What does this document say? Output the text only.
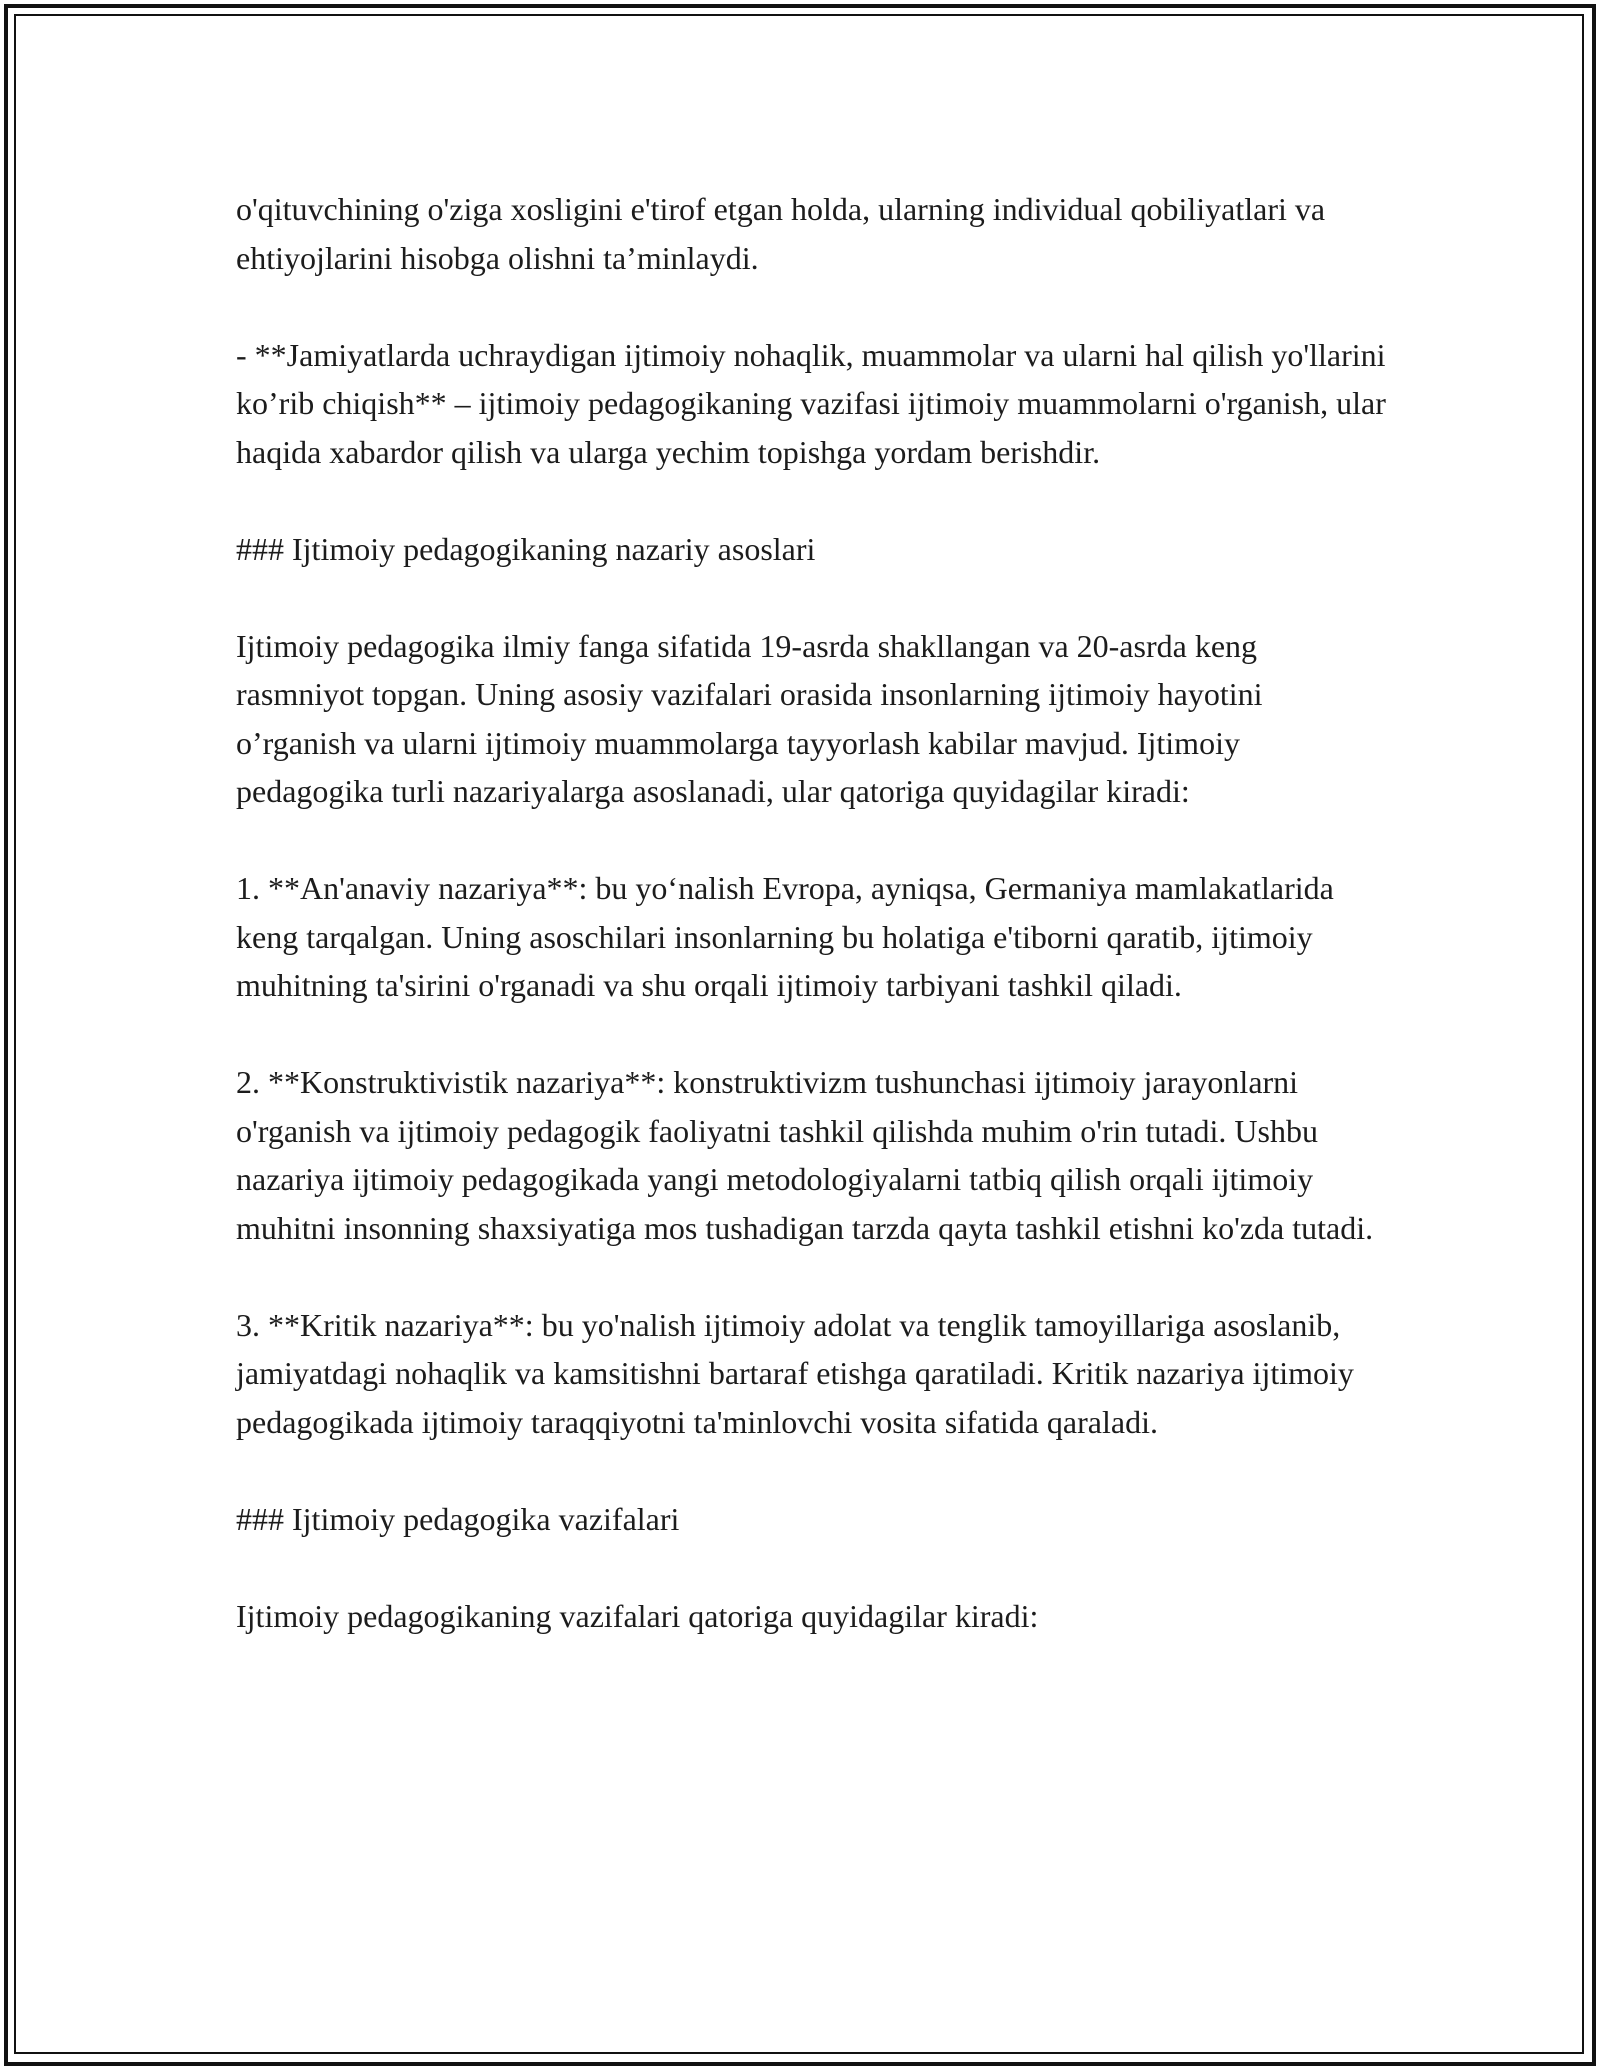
o'qituvchining o'ziga xosligini e'tirof etgan holda, ularning individual qobiliyatlari va ehtiyojlarini hisobga olishni ta’minlaydi.

- **Jamiyatlarda uchraydigan ijtimoiy nohaqlik, muammolar va ularni hal qilish yo'llarini ko’rib chiqish** – ijtimoiy pedagogikaning vazifasi ijtimoiy muammolarni o'rganish, ular haqida xabardor qilish va ularga yechim topishga yordam berishdir.

### Ijtimoiy pedagogikaning nazariy asoslari

Ijtimoiy pedagogika ilmiy fanga sifatida 19-asrda shakllangan va 20-asrda keng rasmniyot topgan. Uning asosiy vazifalari orasida insonlarning ijtimoiy hayotini o’rganish va ularni ijtimoiy muammolarga tayyorlash kabilar mavjud. Ijtimoiy pedagogika turli nazariyalarga asoslanadi, ular qatoriga quyidagilar kiradi:

1. **An'anaviy nazariya**: bu yo‘nalish Evropa, ayniqsa, Germaniya mamlakatlarida keng tarqalgan. Uning asoschilari insonlarning bu holatiga e'tiborni qaratib, ijtimoiy muhitning ta'sirini o'rganadi va shu orqali ijtimoiy tarbiyani tashkil qiladi.

2. **Konstruktivistik nazariya**: konstruktivizm tushunchasi ijtimoiy jarayonlarni o'rganish va ijtimoiy pedagogik faoliyatni tashkil qilishda muhim o'rin tutadi. Ushbu nazariya ijtimoiy pedagogikada yangi metodologiyalarni tatbiq qilish orqali ijtimoiy muhitni insonning shaxsiyatiga mos tushadigan tarzda qayta tashkil etishni ko'zda tutadi.

3. **Kritik nazariya**: bu yo'nalish ijtimoiy adolat va tenglik tamoyillariga asoslanib, jamiyatdagi nohaqlik va kamsitishni bartaraf etishga qaratiladi. Kritik nazariya ijtimoiy pedagogikada ijtimoiy taraqqiyotni ta'minlovchi vosita sifatida qaraladi.

### Ijtimoiy pedagogika vazifalari

Ijtimoiy pedagogikaning vazifalari qatoriga quyidagilar kiradi:
